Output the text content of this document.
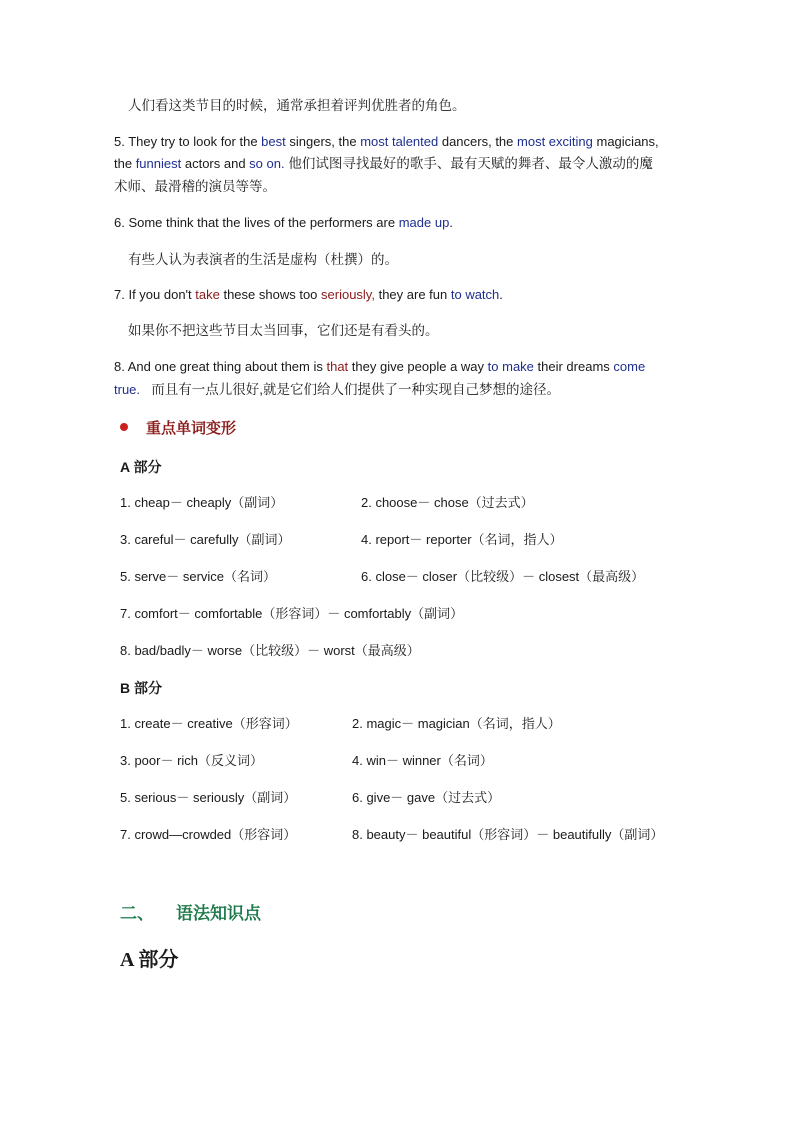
人们看这类节目的时候，通常承担着评判优胜者的角色。
5. They try to look for the best singers, the most talented dancers, the most exciting magicians,
the funniest actors and so on. 他们试图寻找最好的歌手、最有天赋的舞者、最令人激动的魔
术师、最滑稽的演员等等。
6. Some think that the lives of the performers are made up.
有些人认为表演者的生活是虚构（杜撰）的。
7. If you don't take these shows too seriously, they are fun to watch.
如果你不把这些节目太当回事，它们还是有看头的。
8. And one great thing about them is that they give people a way to make their dreams come
true.   而且有一点儿很好,就是它们给人们提供了一种实现自己梦想的途径。
重点单词变形
A 部分
1. cheap－ cheaply（副词）	2. choose－ chose（过去式）
3. careful－ carefully（副词）	4. report－ reporter（名词，指人）
5. serve－ service（名词）	6. close－ closer（比较级）－ closest（最高级）
7. comfort－ comfortable（形容词）－ comfortably（副词）
8. bad/badly－ worse（比较级）－ worst（最高级）
B 部分
1. create－ creative（形容词）	2. magic－ magician（名词，指人）
3. poor－ rich（反义词）	4. win－ winner（名词）
5. serious－ seriously（副词）	6. give－ gave（过去式）
7. crowd—crowded（形容词）	8. beauty－ beautiful（形容词）－ beautifully（副词）
二、 语法知识点
A 部分
